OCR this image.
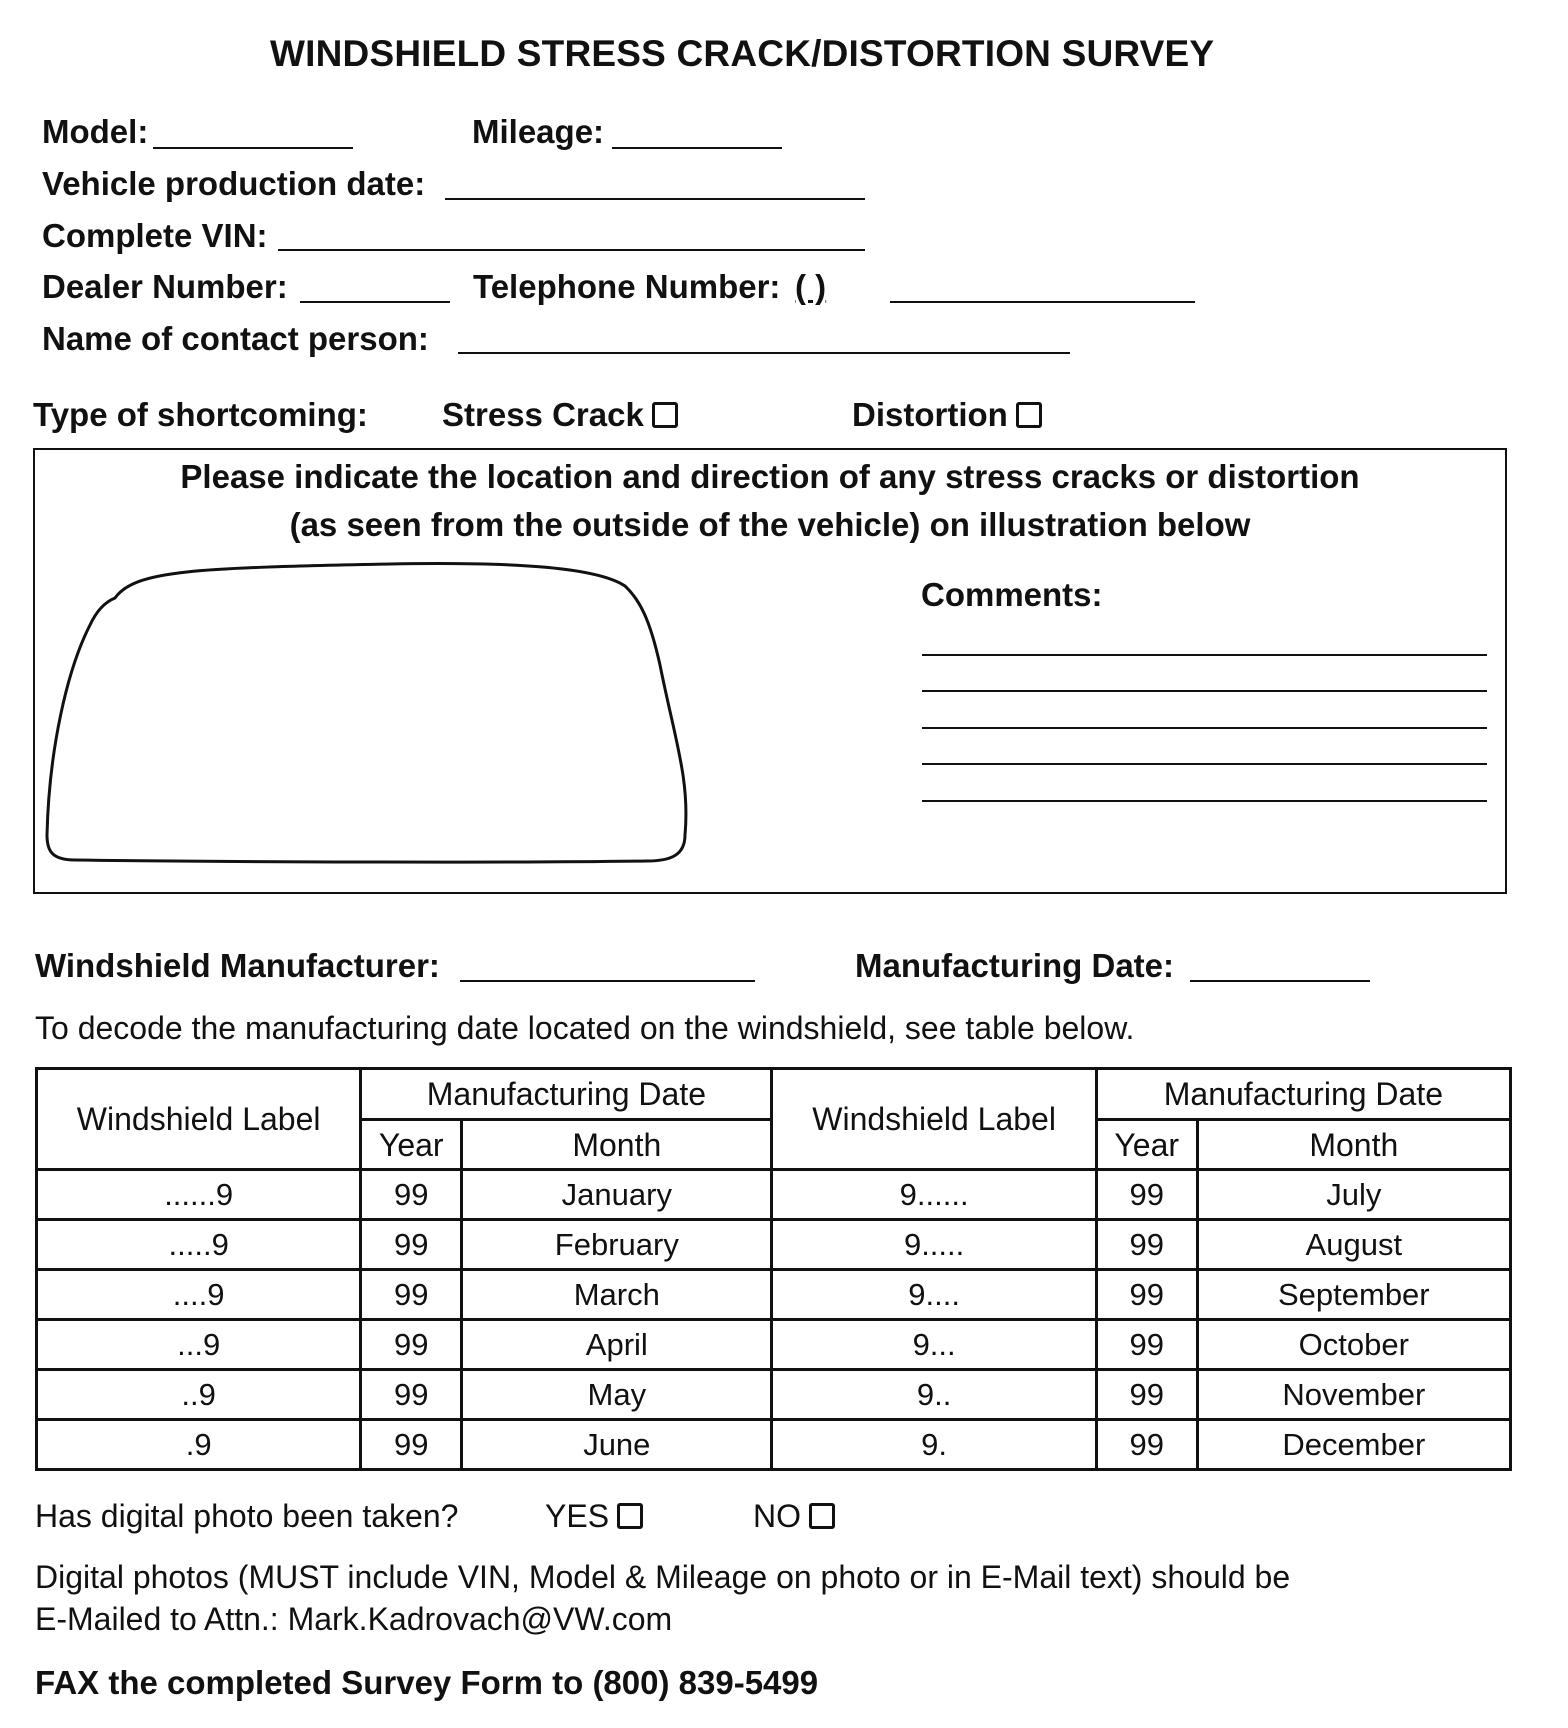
WINDSHIELD STRESS CRACK/DISTORTION SURVEY
Model:	Mileage:
Vehicle production date:
Complete VIN:
Dealer Number:	Telephone Number: ( )
Name of contact person:
Type of shortcoming: Stress Crack	Distortion
Please indicate the location and direction of any stress cracks or distortion
(as seen from the outside of the vehicle) on illustration below
Comments:
Windshield Manufacturer:	Manufacturing Date:
To decode the manufacturing date located on the windshield, see table below.
Windshield Label	Manufacturing Date		Windshield Label	Manufacturing Date	
	Year	Month		Year	Month
......9	99	January	9......	99	July
.....9	99	February	9.....	99	August
....9	99	March	9....	99	September
...9	99	April	9...	99	October
..9	99	May	9..	99	November
.9	99	June	9.	99	December
Has digital photo been taken?	YES	NO
Digital photos (MUST include VIN, Model & Mileage on photo or in E-Mail text) should be
E-Mailed to Attn.: Mark.Kadrovach@VW.com
FAX the completed Survey Form to (800) 839-5499
